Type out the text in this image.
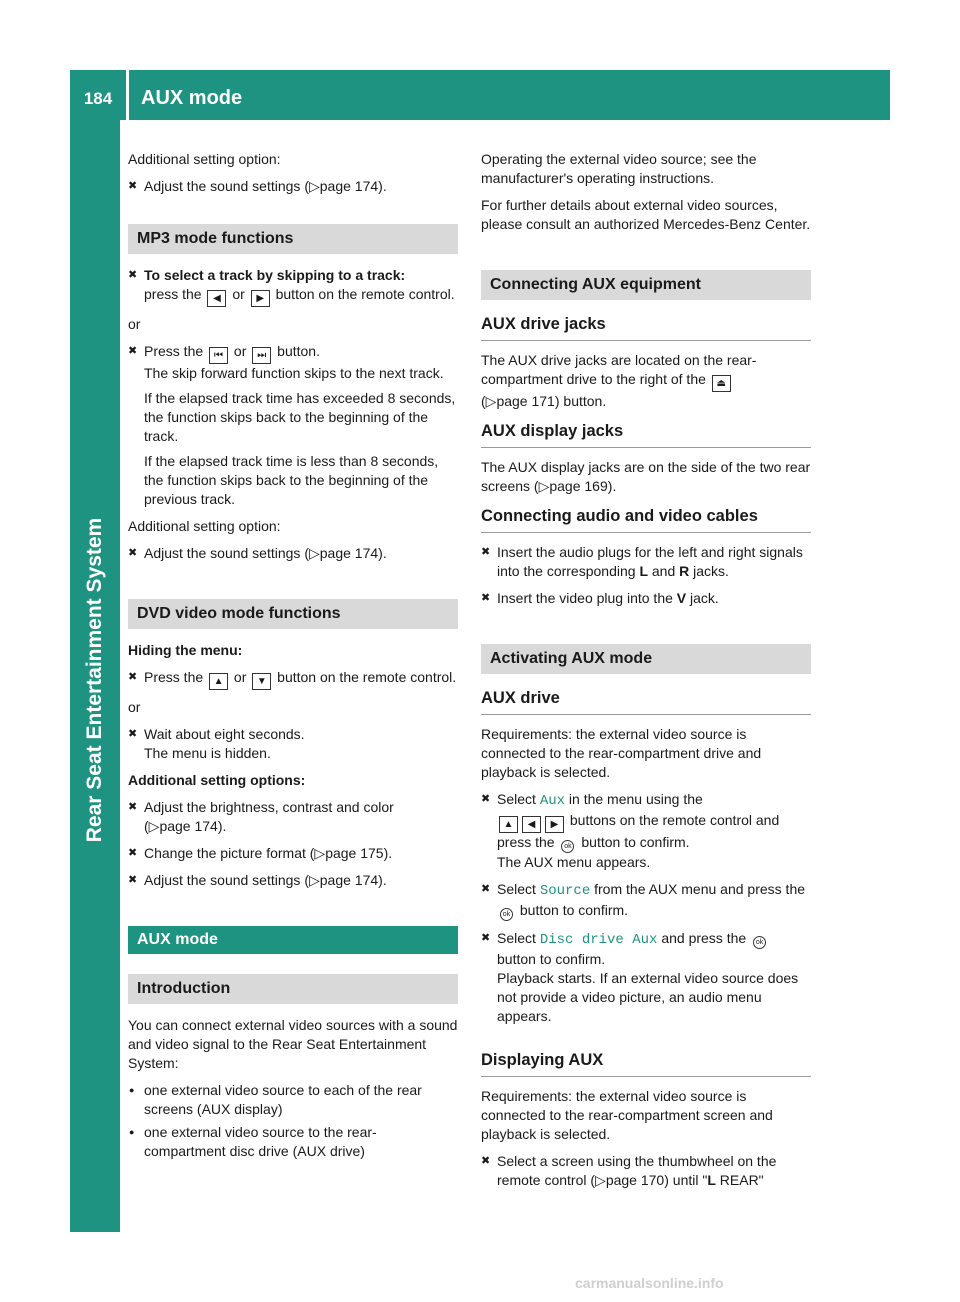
184	AUX mode
Rear Seat Entertainment System

Additional setting option:

✖ Adjust the sound settings (▷ page 174 ) .
MP3 mode functions
✖ To select a track by skipping to a track:
press the ◀ or ▶ button on the remote control.

or

✖ Press the ⏮ or ⏭ button.
The skip forward function skips to the next track.
If the elapsed track time has exceeded 8 seconds, the function skips back to the beginning of the track.
If the elapsed track time is less than 8 seconds, the function skips back to the beginning of the previous track.

Additional setting option:

✖ Adjust the sound settings (▷ page 174 ) .
DVD video mode functions

Hiding the menu:

✖ Press the ▲ or ▼ button on the remote control.

or

✖ Wait about eight seconds.
The menu is hidden.

Additional setting options:

✖ Adjust the brightness, contrast and color
(▷ page 174 ) .
✖ Change the picture format (▷ page 175 ) .
✖ Adjust the sound settings (▷ page 174 ) .
AUX mode
Introduction

You can connect external video sources with a sound and video signal to the Rear Seat Entertainment System:

● one external video source to each of the rear screens (AUX display)
● one external video source to the rear-compartment disc drive (AUX drive)

Operating the external video source; see the manufacturer's operating instructions.

For further details about external video sources, please consult an authorized Mercedes-Benz Center.

Connecting AUX equipment
AUX drive jacks

The AUX drive jacks are located on the rear-compartment drive to the right of the ⏏
(▷ page 171 ) button.

AUX display jacks

The AUX display jacks are on the side of the two rear screens (▷ page 169 ) .

Connecting audio and video cables
✖ Insert the audio plugs for the left and right signals into the corresponding L and R jacks.
✖ Insert the video plug into the V jack.
Activating AUX mode
AUX drive

Requirements: the external video source is connected to the rear-compartment drive and playback is selected.

✖ Select Aux in the menu using the
▲ ◀ ▶ buttons on the remote control and press the ok button to confirm.
The AUX menu appears.
✖ Select Source from the AUX menu and press the ok button to confirm.
✖ Select Disc drive Aux and press the ok
button to confirm.
Playback starts. If an external video source does not provide a video picture, an audio menu appears.
Displaying AUX

Requirements: the external video source is connected to the rear-compartment screen and playback is selected.

✖ Select a screen using the thumbwheel on the remote control (▷ page 170 ) until "L REAR"
carmanualsonline.info
